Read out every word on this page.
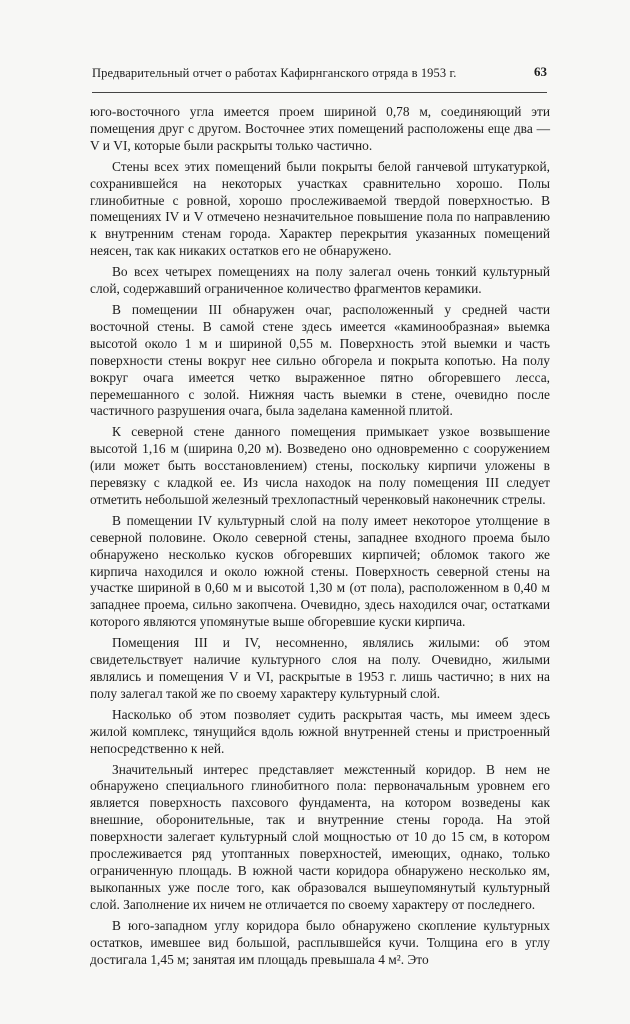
Предварительный отчет о работах Кафирнганского отряда в 1953 г.	63

юго-восточного угла имеется проем шириной 0,78 м, соединяющий эти помещения друг с другом. Восточнее этих помещений расположены еще два — V и VI, которые были раскрыты только частично.

Стены всех этих помещений были покрыты белой ганчевой штукатуркой, сохранившейся на некоторых участках сравнительно хорошо. Полы глинобитные с ровной, хорошо прослеживаемой твердой поверхностью. В помещениях IV и V отмечено незначительное повышение пола по направлению к внутренним стенам города. Характер перекрытия указанных помещений неясен, так как никаких остатков его не обнаружено.

Во всех четырех помещениях на полу залегал очень тонкий культурный слой, содержавший ограниченное количество фрагментов керамики.

В помещении III обнаружен очаг, расположенный у средней части восточной стены. В самой стене здесь имеется «каминообразная» выемка высотой около 1 м и шириной 0,55 м. Поверхность этой выемки и часть поверхности стены вокруг нее сильно обгорела и покрыта копотью. На полу вокруг очага имеется четко выраженное пятно обгоревшего лесса, перемешанного с золой. Нижняя часть выемки в стене, очевидно после частичного разрушения очага, была заделана каменной плитой.

К северной стене данного помещения примыкает узкое возвышение высотой 1,16 м (ширина 0,20 м). Возведено оно одновременно с сооружением (или может быть восстановлением) стены, поскольку кирпичи уложены в перевязку с кладкой ее. Из числа находок на полу помещения III следует отметить небольшой железный трехлопастный черенковый наконечник стрелы.

В помещении IV культурный слой на полу имеет некоторое утолщение в северной половине. Около северной стены, западнее входного проема было обнаружено несколько кусков обгоревших кирпичей; обломок такого же кирпича находился и около южной стены. Поверхность северной стены на участке шириной в 0,60 м и высотой 1,30 м (от пола), расположенном в 0,40 м западнее проема, сильно закопчена. Очевидно, здесь находился очаг, остатками которого являются упомянутые выше обгоревшие куски кирпича.

Помещения III и IV, несомненно, являлись жилыми: об этом свидетельствует наличие культурного слоя на полу. Очевидно, жилыми являлись и помещения V и VI, раскрытые в 1953 г. лишь частично; в них на полу залегал такой же по своему характеру культурный слой.

Насколько об этом позволяет судить раскрытая часть, мы имеем здесь жилой комплекс, тянущийся вдоль южной внутренней стены и пристроенный непосредственно к ней.

Значительный интерес представляет межстенный коридор. В нем не обнаружено специального глинобитного пола: первоначальным уровнем его является поверхность пахсового фундамента, на котором возведены как внешние, оборонительные, так и внутренние стены города. На этой поверхности залегает культурный слой мощностью от 10 до 15 см, в котором прослеживается ряд утоптанных поверхностей, имеющих, однако, только ограниченную площадь. В южной части коридора обнаружено несколько ям, выкопанных уже после того, как образовался вышеупомянутый культурный слой. Заполнение их ничем не отличается по своему характеру от последнего.

В юго-западном углу коридора было обнаружено скопление культурных остатков, имевшее вид большой, расплывшейся кучи. Толщина его в углу достигала 1,45 м; занятая им площадь превышала 4 м². Это
